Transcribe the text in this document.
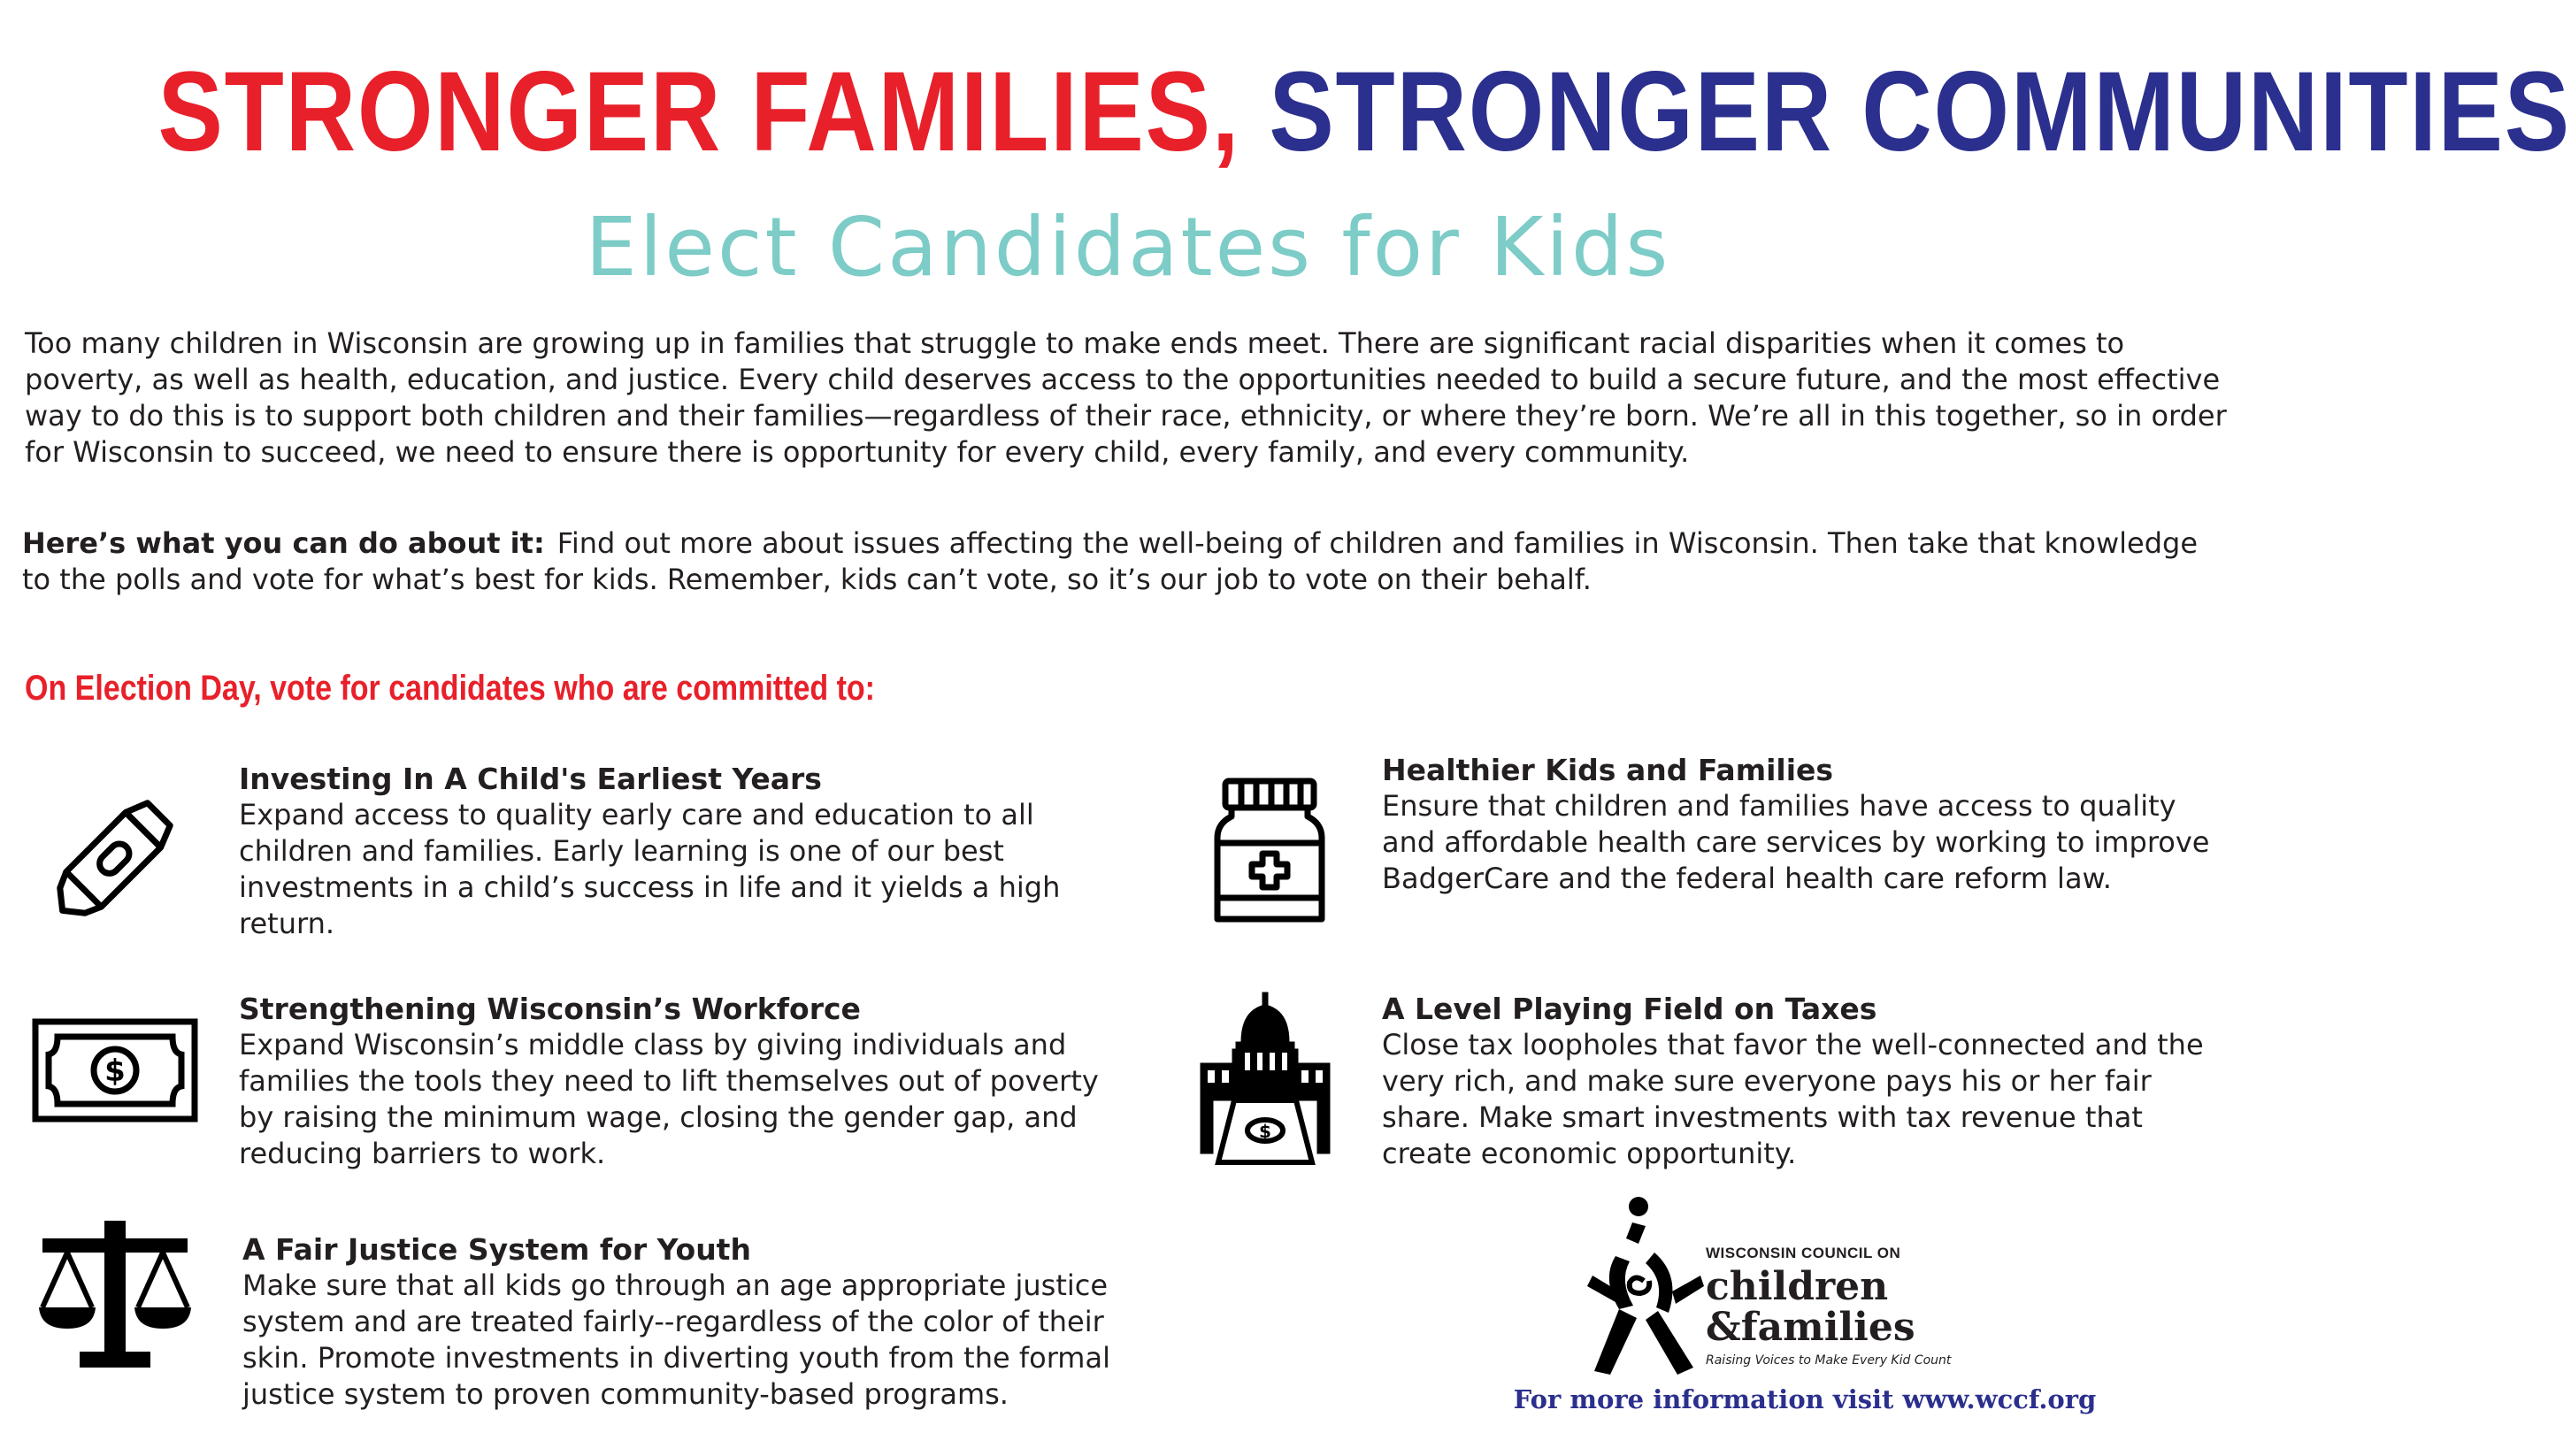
STRONGER FAMILIES, STRONGER COMMUNITIES
Elect Candidates for Kids

Too many children in Wisconsin are growing up in families that struggle to make ends meet. There are significant racial disparities when it comes to poverty, as well as health, education, and justice. Every child deserves access to the opportunities needed to build a secure future, and the most effective way to do this is to support both children and their families—regardless of their race, ethnicity, or where they’re born. We’re all in this together, so in order for Wisconsin to succeed, we need to ensure there is opportunity for every child, every family, and every community.

Here’s what you can do about it: Find out more about issues affecting the well-being of children and families in Wisconsin. Then take that knowledge to the polls and vote for what’s best for kids. Remember, kids can’t vote, so it’s our job to vote on their behalf.

On Election Day, vote for candidates who are committed to:
Investing In A Child's Earliest Years

Expand access to quality early care and education to all children and families. Early learning is one of our best investments in a child’s success in life and it yields a high return.

Healthier Kids and Families

Ensure that children and families have access to quality and affordable health care services by working to improve BadgerCare and the federal health care reform law.

$
Strengthening Wisconsin’s Workforce

Expand Wisconsin’s middle class by giving individuals and families the tools they need to lift themselves out of poverty by raising the minimum wage, closing the gender gap, and reducing barriers to work.

$
A Level Playing Field on Taxes

Close tax loopholes that favor the well-connected and the very rich, and make sure everyone pays his or her fair share. Make smart investments with tax revenue that create economic opportunity.

A Fair Justice System for Youth

Make sure that all kids go through an age appropriate justice system and are treated fairly--regardless of the color of their skin. Promote investments in diverting youth from the formal justice system to proven community-based programs.

WISCONSIN COUNCIL ON
children
&families
Raising Voices to Make Every Kid Count
For more information visit www.wccf.org
